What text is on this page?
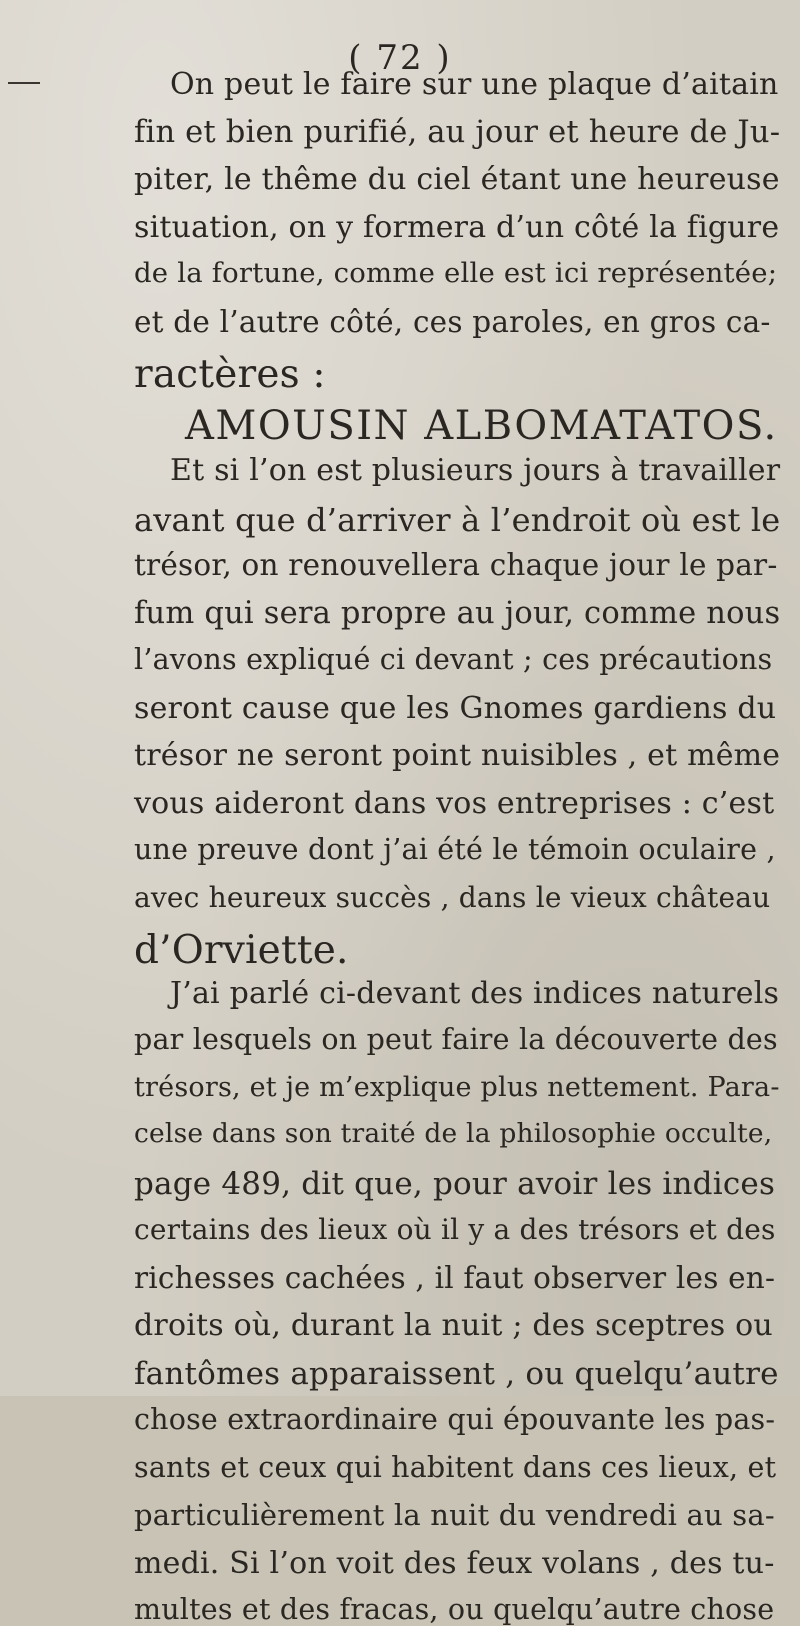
( 72 )
On peut le faire sur une plaque d’aitain
fin et bien purifié, au jour et heure de Ju-
piter, le thême du ciel étant une heureuse
situation, on y formera d’un côté la figure
de la fortune, comme elle est ici représentée;
et de l’autre côté, ces paroles, en gros ca-
ractères :
AMOUSIN ALBOMATATOS.
Et si l’on est plusieurs jours à travailler
avant que d’arriver à l’endroit où est le
trésor, on renouvellera chaque jour le par-
fum qui sera propre au jour, comme nous
l’avons expliqué ci devant ; ces précautions
seront cause que les Gnomes gardiens du
trésor ne seront point nuisibles , et même
vous aideront dans vos entreprises : c’est
une preuve dont j’ai été le témoin oculaire ,
avec heureux succès , dans le vieux château
d’Orviette.
J’ai parlé ci-devant des indices naturels
par lesquels on peut faire la découverte des
trésors, et je m’explique plus nettement. Para-
celse dans son traité de la philosophie occulte,
page 489, dit que, pour avoir les indices
certains des lieux où il y a des trésors et des
richesses cachées , il faut observer les en-
droits où, durant la nuit ; des sceptres ou
fantômes apparaissent , ou quelqu’autre
chose extraordinaire qui épouvante les pas-
sants et ceux qui habitent dans ces lieux, et
particulièrement la nuit du vendredi au sa-
medi. Si l’on voit des feux volans , des tu-
multes et des fracas, ou quelqu’autre chose
